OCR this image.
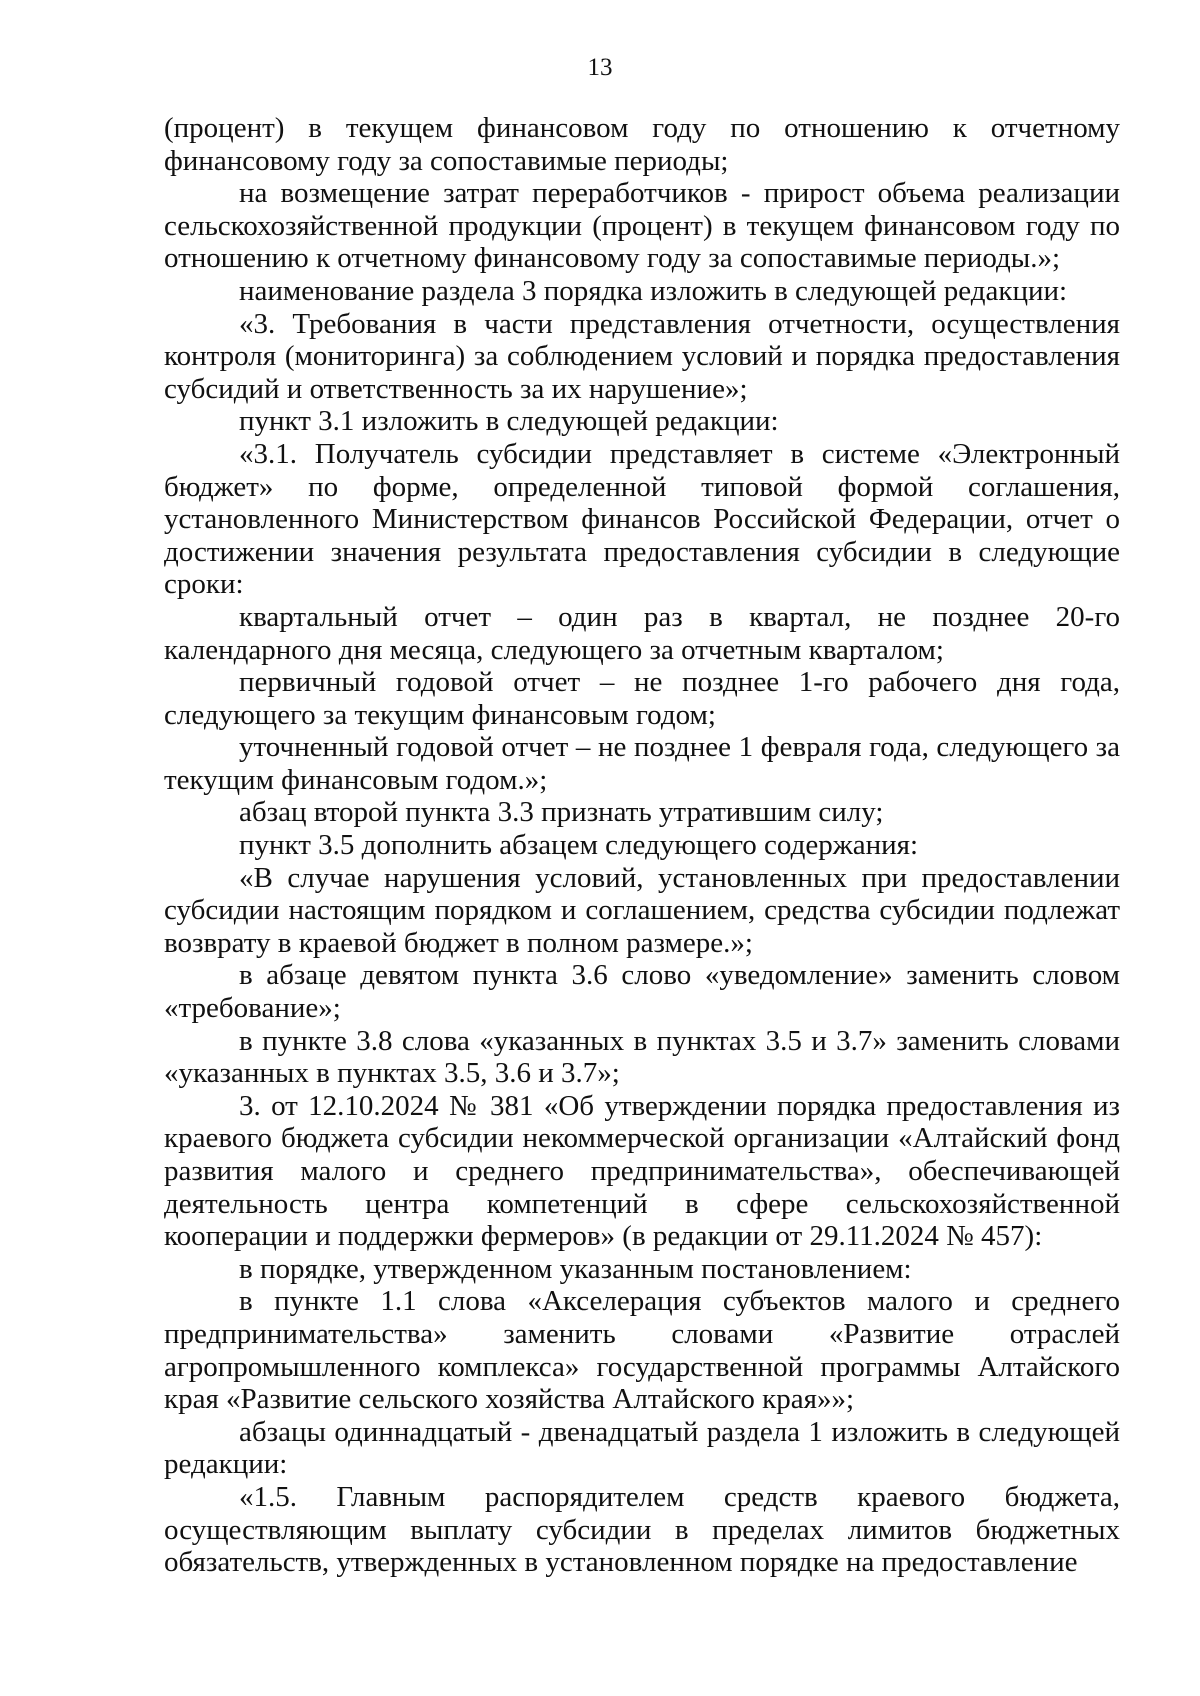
13

(процент) в текущем финансовом году по отношению к отчетному финансовому году за сопоставимые периоды;

на возмещение затрат переработчиков - прирост объема реализации сельскохозяйственной продукции (процент) в текущем финансовом году по отношению к отчетному финансовому году за сопоставимые периоды.»;

наименование раздела 3 порядка изложить в следующей редакции:

«3. Требования в части представления отчетности, осуществления контроля (мониторинга) за соблюдением условий и порядка предоставления субсидий и ответственность за их нарушение»;

пункт 3.1 изложить в следующей редакции:

«3.1. Получатель субсидии представляет в системе «Электронный бюджет» по форме, определенной типовой формой соглашения, установленного Министерством финансов Российской Федерации, отчет о достижении значения результата предоставления субсидии в следующие сроки:

квартальный отчет – один раз в квартал, не позднее 20-го календарного дня месяца, следующего за отчетным кварталом;

первичный годовой отчет – не позднее 1-го рабочего дня года, следующего за текущим финансовым годом;

уточненный годовой отчет – не позднее 1 февраля года, следующего за текущим финансовым годом.»;

абзац второй пункта 3.3 признать утратившим силу;

пункт 3.5 дополнить абзацем следующего содержания:

«В случае нарушения условий, установленных при предоставлении субсидии настоящим порядком и соглашением, средства субсидии подлежат возврату в краевой бюджет в полном размере.»;

в абзаце девятом пункта 3.6 слово «уведомление» заменить словом «требование»;

в пункте 3.8 слова «указанных в пунктах 3.5 и 3.7» заменить словами «указанных в пунктах 3.5, 3.6 и 3.7»;

3. от 12.10.2024 № 381 «Об утверждении порядка предоставления из краевого бюджета субсидии некоммерческой организации «Алтайский фонд развития малого и среднего предпринимательства», обеспечивающей деятельность центра компетенций в сфере сельскохозяйственной кооперации и поддержки фермеров» (в редакции от 29.11.2024 № 457):

в порядке, утвержденном указанным постановлением:

в пункте 1.1 слова «Акселерация субъектов малого и среднего предпринимательства» заменить словами «Развитие отраслей агропромышленного комплекса» государственной программы Алтайского края «Развитие сельского хозяйства Алтайского края»»;

абзацы одиннадцатый - двенадцатый раздела 1 изложить в следующей редакции:

«1.5. Главным распорядителем средств краевого бюджета, осуществляющим выплату субсидии в пределах лимитов бюджетных обязательств, утвержденных в установленном порядке на предоставление
